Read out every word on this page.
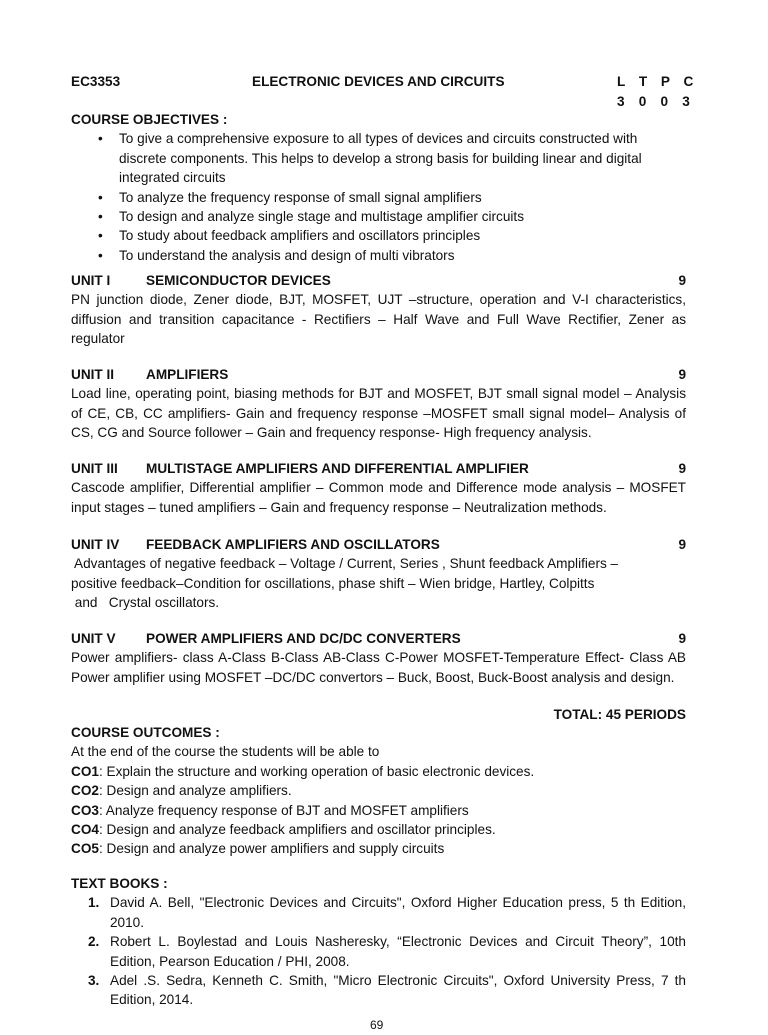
EC3353	ELECTRONIC DEVICES AND CIRCUITS	L T P C
3 0 0 3
COURSE OBJECTIVES :
• To give a comprehensive exposure to all types of devices and circuits constructed with discrete components. This helps to develop a strong basis for building linear and digital integrated circuits
• To analyze the frequency response of small signal amplifiers
• To design and analyze single stage and multistage amplifier circuits
• To study about feedback amplifiers and oscillators principles
• To understand the analysis and design of multi vibrators
UNIT I	SEMICONDUCTOR DEVICES	9
PN junction diode, Zener diode, BJT, MOSFET, UJT –structure, operation and V-I characteristics, diffusion and transition capacitance - Rectifiers – Half Wave and Full Wave Rectifier, Zener as regulator
UNIT II	AMPLIFIERS	9
Load line, operating point, biasing methods for BJT and MOSFET, BJT small signal model – Analysis of CE, CB, CC amplifiers- Gain and frequency response –MOSFET small signal model– Analysis of CS, CG and Source follower – Gain and frequency response- High frequency analysis.
UNIT III	MULTISTAGE AMPLIFIERS AND DIFFERENTIAL AMPLIFIER	9
Cascode amplifier, Differential amplifier – Common mode and Difference mode analysis – MOSFET input stages – tuned amplifiers – Gain and frequency response – Neutralization methods.
UNIT IV	FEEDBACK AMPLIFIERS AND OSCILLATORS	9
Advantages of negative feedback – Voltage / Current, Series , Shunt feedback Amplifiers –
positive feedback–Condition for oscillations, phase shift – Wien bridge, Hartley, Colpitts
and   Crystal oscillators.
UNIT V	POWER AMPLIFIERS AND DC/DC CONVERTERS	9
Power amplifiers- class A-Class B-Class AB-Class C-Power MOSFET-Temperature Effect- Class AB Power amplifier using MOSFET –DC/DC convertors – Buck, Boost, Buck-Boost analysis and design.
TOTAL: 45 PERIODS
COURSE OUTCOMES :
At the end of the course the students will be able to
CO1: Explain the structure and working operation of basic electronic devices.
CO2: Design and analyze amplifiers.
CO3: Analyze frequency response of BJT and MOSFET amplifiers
CO4: Design and analyze feedback amplifiers and oscillator principles.
CO5: Design and analyze power amplifiers and supply circuits
TEXT BOOKS :
1. David A. Bell, "Electronic Devices and Circuits", Oxford Higher Education press, 5 th Edition, 2010.
2. Robert L. Boylestad and Louis Nasheresky, “Electronic Devices and Circuit Theory”, 10th Edition, Pearson Education / PHI, 2008.
3. Adel .S. Sedra, Kenneth C. Smith, "Micro Electronic Circuits", Oxford University Press, 7 th Edition, 2014.
69
